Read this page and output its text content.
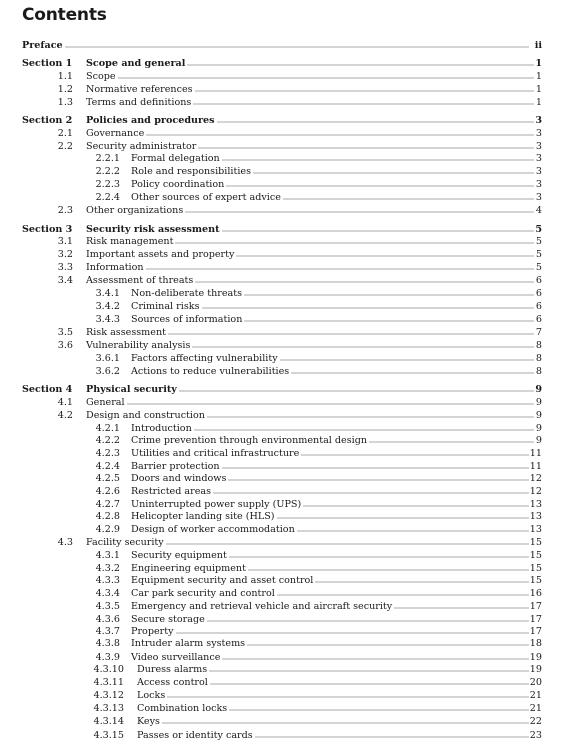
Contents
Preface	ii
Section 1 Scope and general	1
1.1 Scope	1
1.2 Normative references	1
1.3 Terms and definitions	1
Section 2 Policies and procedures	3
2.1 Governance	3
2.2 Security administrator	3
2.2.1 Formal delegation	3
2.2.2 Role and responsibilities	3
2.2.3 Policy coordination	3
2.2.4 Other sources of expert advice	3
2.3 Other organizations	4
Section 3 Security risk assessment	5
3.1 Risk management	5
3.2 Important assets and property	5
3.3 Information	5
3.4 Assessment of threats	6
3.4.1 Non-deliberate threats	6
3.4.2 Criminal risks	6
3.4.3 Sources of information	6
3.5 Risk assessment	7
3.6 Vulnerability analysis	8
3.6.1 Factors affecting vulnerability	8
3.6.2 Actions to reduce vulnerabilities	8
Section 4 Physical security	9
4.1 General	9
4.2 Design and construction	9
4.2.1 Introduction	9
4.2.2 Crime prevention through environmental design	9
4.2.3 Utilities and critical infrastructure	11
4.2.4 Barrier protection	11
4.2.5 Doors and windows	12
4.2.6 Restricted areas	12
4.2.7 Uninterrupted power supply (UPS)	13
4.2.8 Helicopter landing site (HLS)	13
4.2.9 Design of worker accommodation	13
4.3 Facility security	15
4.3.1 Security equipment	15
4.3.2 Engineering equipment	15
4.3.3 Equipment security and asset control	15
4.3.4 Car park security and control	16
4.3.5 Emergency and retrieval vehicle and aircraft security	17
4.3.6 Secure storage	17
4.3.7 Property	17
4.3.8 Intruder alarm systems	18
4.3.9 Video surveillance	19
4.3.10 Duress alarms	19
4.3.11 Access control	20
4.3.12 Locks	21
4.3.13 Combination locks	21
4.3.14 Keys	22
4.3.15 Passes or identity cards	23
